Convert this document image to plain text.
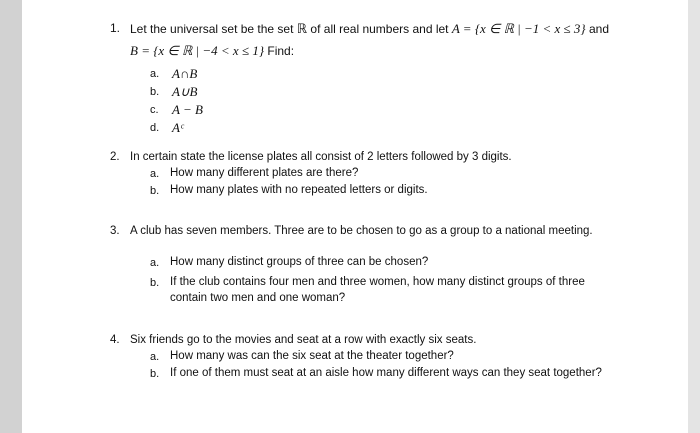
1. Let the universal set be the set ℝ of all real numbers and let A = {x ∈ ℝ | −1 < x ≤ 3} and
B = {x ∈ ℝ | −4 < x ≤ 1} Find:
a. A∩B
b. A∪B
c. A − B
d. Aᶜ
2. In certain state the license plates all consist of 2 letters followed by 3 digits.
a. How many different plates are there?
b. How many plates with no repeated letters or digits.
3. A club has seven members. Three are to be chosen to go as a group to a national meeting.
a. How many distinct groups of three can be chosen?
b. If the club contains four men and three women, how many distinct groups of three
contain two men and one woman?
4. Six friends go to the movies and seat at a row with exactly six seats.
a. How many was can the six seat at the theater together?
b. If one of them must seat at an aisle how many different ways can they seat together?
